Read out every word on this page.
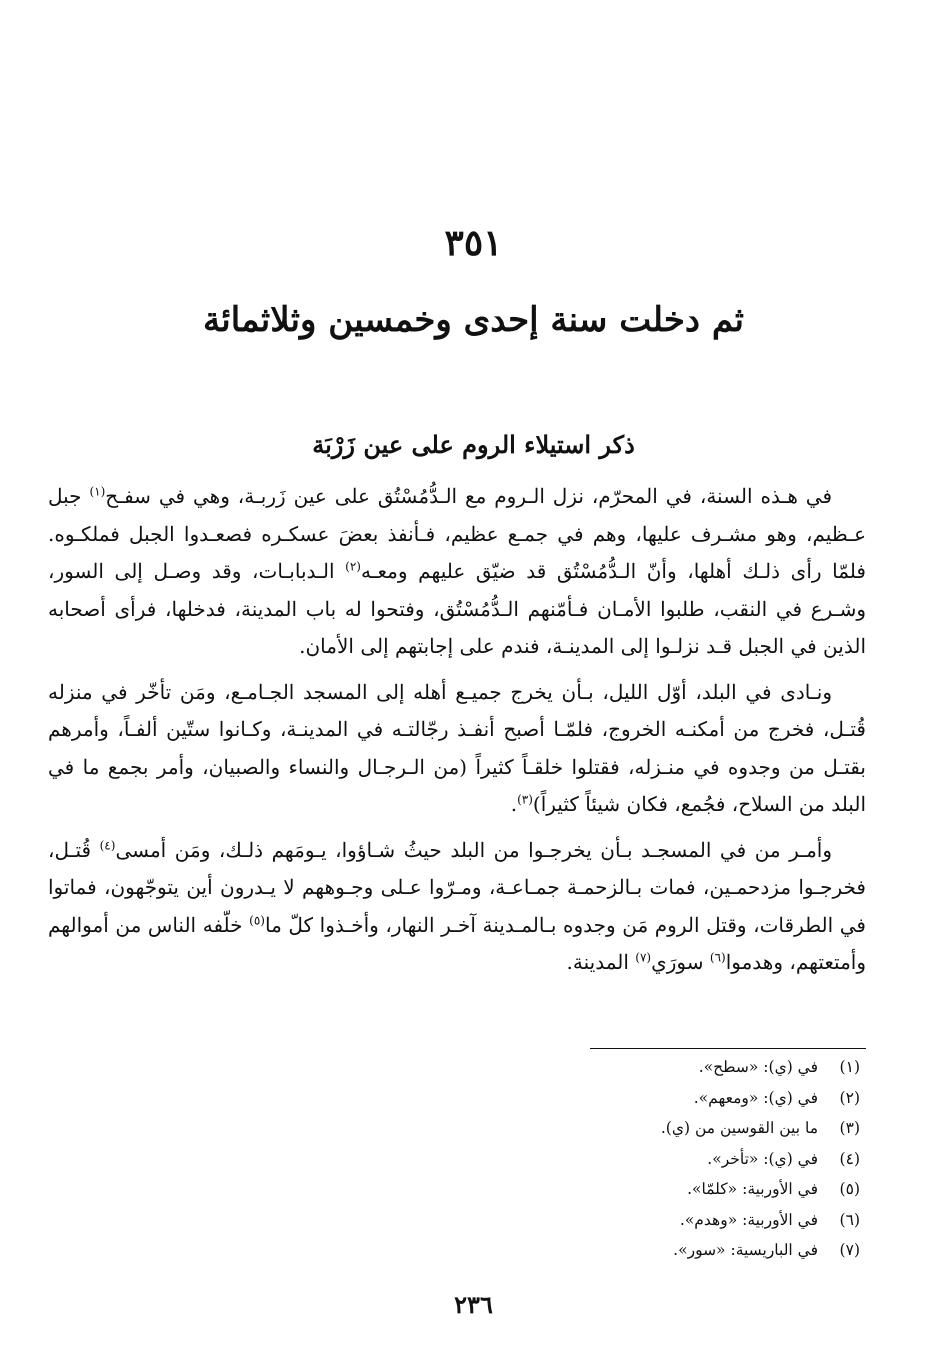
٣٥١
ثم دخلت سنة إحدى وخمسين وثلاثمائة
ذكر استيلاء الروم على عين زَرْبَة

في هـذه السنة، في المحرّم، نزل الـروم مع الـدُّمُسْتُق على عين زَربـة، وهي في سفـح$^{(١)}$ جبل عـظيم، وهو مشـرف عليها، وهم في جمـع عظيم، فـأنفذ بعضَ عسكـره فصعـدوا الجبل فملكـوه. فلمّا رأى ذلـك أهلها، وأنّ الـدُّمُسْتُق قد ضيّق عليهم ومعـه$^{(٢)}$ الـدبابـات، وقد وصـل إلى السور، وشـرع في النقب، طلبوا الأمـان فـأمّنهم الـدُّمُسْتُق، وفتحوا له باب المدينة، فدخلها، فرأى أصحابه الذين في الجبل قـد نزلـوا إلى المدينـة، فندم على إجابتهم إلى الأمان.

ونـادى في البلد، أوّل الليل، بـأن يخرج جميـع أهله إلى المسجد الجـامـع، ومَن تأخّر في منزله قُتـل، فخرج من أمكنـه الخروج، فلمّـا أصبح أنفـذ رجّالتـه في المدينـة، وكـانوا ستّين ألفـاً، وأمرهم بقتـل من وجدوه في منـزله، فقتلوا خلقـاً كثيراً (من الـرجـال والنساء والصبيان، وأمر بجمع ما في البلد من السلاح، فجُمع، فكان شيئاً كثيراً)$^{(٣)}$.

وأمـر من في المسجـد بـأن يخرجـوا من البلد حيثُ شـاؤوا، يـومَهم ذلـك، ومَن أمسى$^{(٤)}$ قُتـل، فخرجـوا مزدحمـين، فمات بـالزحمـة جمـاعـة، ومـرّوا عـلى وجـوههم لا يـدرون أين يتوجّهون، فماتوا في الطرقات، وقتل الروم مَن وجدوه بـالمـدينة آخـر النهار، وأخـذوا كلّ ما$^{(٥)}$ خلّفه الناس من أموالهم وأمتعتهم، وهدموا$^{(٦)}$ سورَي$^{(٧)}$ المدينة.

(١)
في (ي): «سطح».
(٢)
في (ي): «ومعهم».
(٣)
ما بين القوسين من (ي).
(٤)
في (ي): «تأخر».
(٥)
في الأوربية: «كلمّا».
(٦)
في الأوربية: «وهدم».
(٧)
في الباريسية: «سور».
٢٣٦
